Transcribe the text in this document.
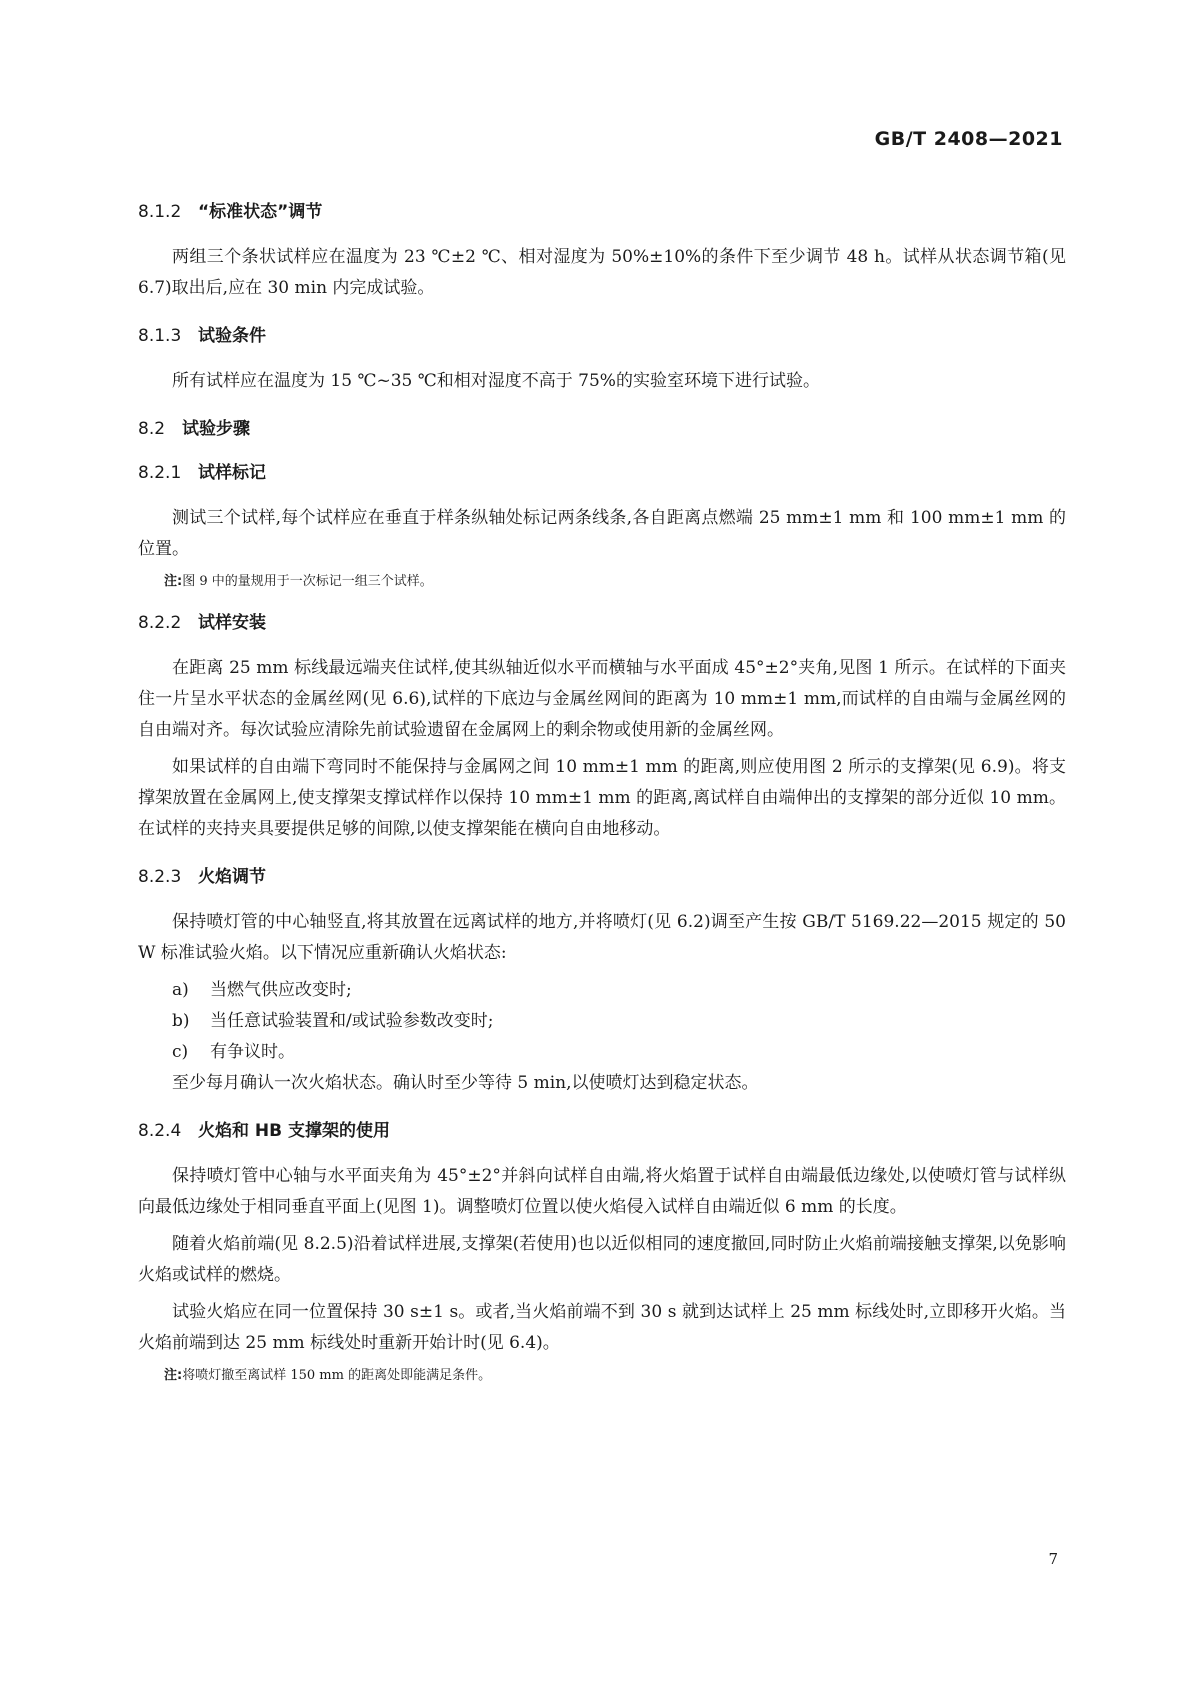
GB/T 2408—2021
8.1.2 “标准状态”调节

两组三个条状试样应在温度为 23 ℃±2 ℃、相对湿度为 50%±10%的条件下至少调节 48 h。试样从状态调节箱(见 6.7)取出后,应在 30 min 内完成试验。

8.1.3 试验条件

所有试样应在温度为 15 ℃~35 ℃和相对湿度不高于 75%的实验室环境下进行试验。

8.2 试验步骤
8.2.1 试样标记

测试三个试样,每个试样应在垂直于样条纵轴处标记两条线条,各自距离点燃端 25 mm±1 mm 和 100 mm±1 mm 的位置。

注:图 9 中的量规用于一次标记一组三个试样。

8.2.2 试样安装

在距离 25 mm 标线最远端夹住试样,使其纵轴近似水平而横轴与水平面成 45°±2°夹角,见图 1 所示。在试样的下面夹住一片呈水平状态的金属丝网(见 6.6),试样的下底边与金属丝网间的距离为 10 mm±1 mm,而试样的自由端与金属丝网的自由端对齐。每次试验应清除先前试验遗留在金属网上的剩余物或使用新的金属丝网。

如果试样的自由端下弯同时不能保持与金属网之间 10 mm±1 mm 的距离,则应使用图 2 所示的支撑架(见 6.9)。将支撑架放置在金属网上,使支撑架支撑试样作以保持 10 mm±1 mm 的距离,离试样自由端伸出的支撑架的部分近似 10 mm。在试样的夹持夹具要提供足够的间隙,以使支撑架能在横向自由地移动。

8.2.3 火焰调节

保持喷灯管的中心轴竖直,将其放置在远离试样的地方,并将喷灯(见 6.2)调至产生按 GB/T 5169.22—2015 规定的 50 W 标准试验火焰。以下情况应重新确认火焰状态:

a) 当燃气供应改变时;
b) 当任意试验装置和/或试验参数改变时;
c) 有争议时。

至少每月确认一次火焰状态。确认时至少等待 5 min,以使喷灯达到稳定状态。

8.2.4 火焰和 HB 支撑架的使用

保持喷灯管中心轴与水平面夹角为 45°±2°并斜向试样自由端,将火焰置于试样自由端最低边缘处,以使喷灯管与试样纵向最低边缘处于相同垂直平面上(见图 1)。调整喷灯位置以使火焰侵入试样自由端近似 6 mm 的长度。

随着火焰前端(见 8.2.5)沿着试样进展,支撑架(若使用)也以近似相同的速度撤回,同时防止火焰前端接触支撑架,以免影响火焰或试样的燃烧。

试验火焰应在同一位置保持 30 s±1 s。或者,当火焰前端不到 30 s 就到达试样上 25 mm 标线处时,立即移开火焰。当火焰前端到达 25 mm 标线处时重新开始计时(见 6.4)。

注:将喷灯撤至离试样 150 mm 的距离处即能满足条件。

7
